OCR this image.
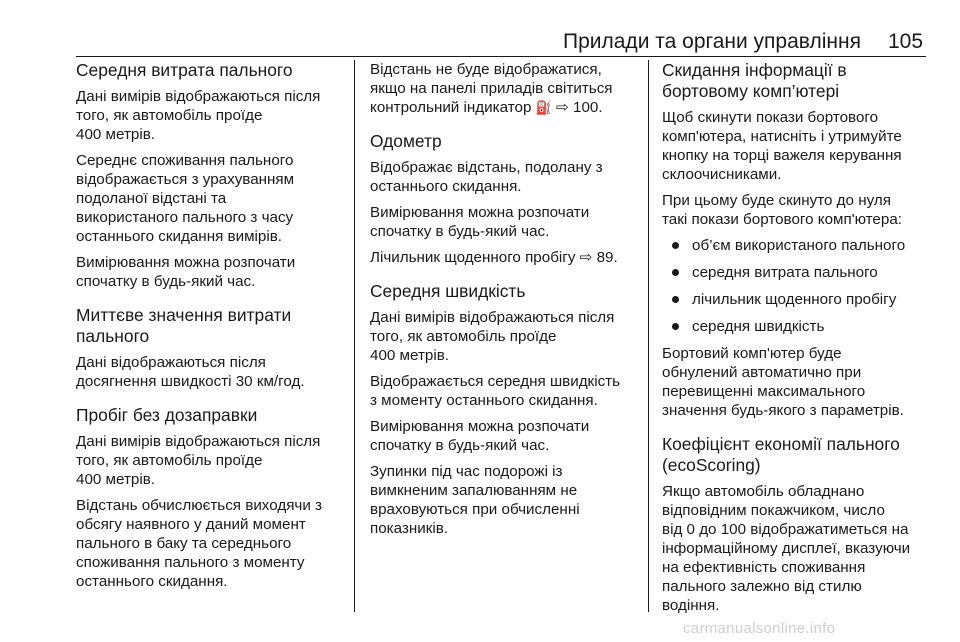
Прилади та органи управління 105
Середня витрата пального

Дані вимірів відображаються після
того, як автомобіль проїде
400 метрів.

Середнє споживання пального
відображається з урахуванням
подоланої відстані та
використаного пального з часу
останнього скидання вимірів.

Вимірювання можна розпочати
спочатку в будь-який час.

Миттєве значення витрати
пального

Дані відображаються після
досягнення швидкості 30 км/год.

Пробіг без дозаправки

Дані вимірів відображаються після
того, як автомобіль проїде
400 метрів.

Відстань обчислюється виходячи з
обсягу наявного у даний момент
пального в баку та середнього
споживання пального з моменту
останнього скидання.

Відстань не буде відображатися,
якщо на панелі приладів світиться
контрольний індикатор ⛽ ⇨ 100.

Одометр

Відображає відстань, подолану з
останнього скидання.

Вимірювання можна розпочати
спочатку в будь-який час.

Лічильник щоденного пробігу ⇨ 89.

Середня швидкість

Дані вимірів відображаються після
того, як автомобіль проїде
400 метрів.

Відображається середня швидкість
з моменту останнього скидання.

Вимірювання можна розпочати
спочатку в будь-який час.

Зупинки під час подорожі із
вимкненим запалюванням не
враховуються при обчисленні
показників.

Скидання інформації в
бортовому комп’ютері

Щоб скинути покази бортового
комп'ютера, натисніть і утримуйте
кнопку на торці важеля керування
склоочисниками.

При цьому буде скинуто до нуля
такі покази бортового комп'ютера:

об’єм використаного пального
середня витрата пального
лічильник щоденного пробігу
середня швидкість

Бортовий комп'ютер буде
обнулений автоматично при
перевищенні максимального
значення будь-якого з параметрів.

Коефіцієнт економії пального
(ecoScoring)

Якщо автомобіль обладнано
відповідним покажчиком, число
від 0 до 100 відображатиметься на
інформаційному дисплеї, вказуючи
на ефективність споживання
пального залежно від стилю
водіння.

carmanualsonline.info
